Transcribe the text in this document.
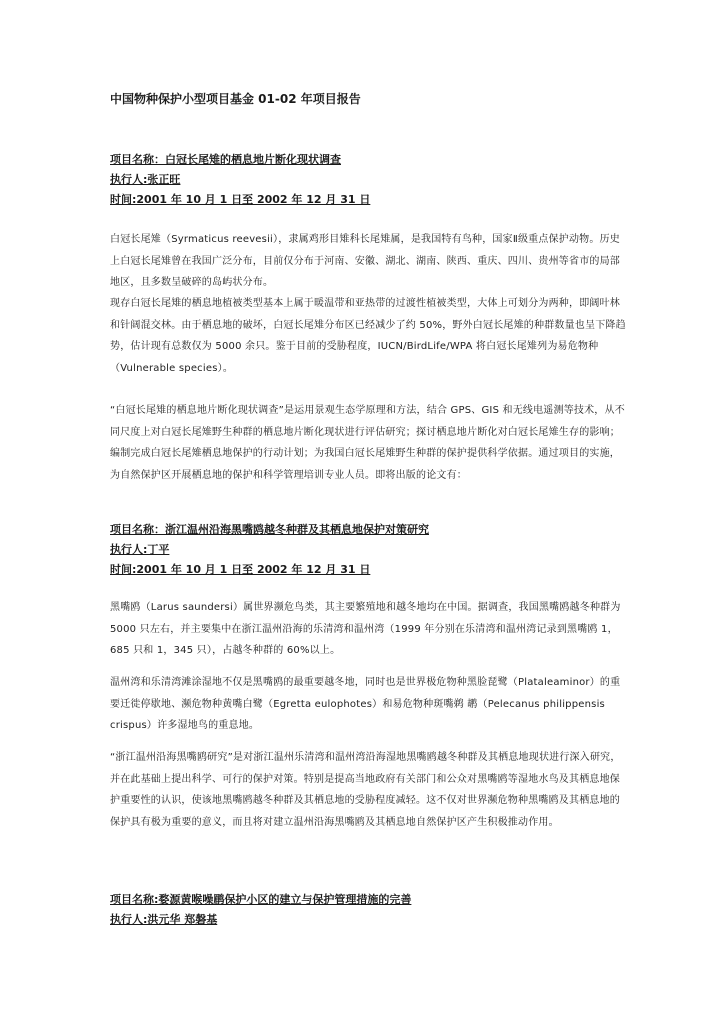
中国物种保护小型项目基金 01-02 年项目报告
项目名称：白冠长尾雉的栖息地片断化现状调查
执行人:张正旺
时间:2001 年 10 月 1 日至 2002 年 12 月 31 日

白冠长尾雉（Syrmaticus reevesii），隶属鸡形目雉科长尾雉属，是我国特有鸟种，国家Ⅱ级重点保护动物。历史上白冠长尾雉曾在我国广泛分布，目前仅分布于河南、安徽、湖北、湖南、陕西、重庆、四川、贵州等省市的局部地区，且多数呈破碎的岛屿状分布。

现存白冠长尾雉的栖息地植被类型基本上属于暖温带和亚热带的过渡性植被类型，大体上可划分为两种，即阔叶林和针阔混交林。由于栖息地的破坏，白冠长尾雉分布区已经减少了约 50%，野外白冠长尾雉的种群数量也呈下降趋势，估计现有总数仅为 5000 余只。鉴于目前的受胁程度，IUCN/BirdLife/WPA 将白冠长尾雉列为易危物种（Vulnerable species）。

“白冠长尾雉的栖息地片断化现状调查”是运用景观生态学原理和方法，结合 GPS、GIS 和无线电遥测等技术，从不同尺度上对白冠长尾雉野生种群的栖息地片断化现状进行评估研究；探讨栖息地片断化对白冠长尾雉生存的影响；编制完成白冠长尾雉栖息地保护的行动计划；为我国白冠长尾雉野生种群的保护提供科学依据。通过项目的实施，为自然保护区开展栖息地的保护和科学管理培训专业人员。即将出版的论文有：

项目名称：浙江温州沿海黑嘴鸥越冬种群及其栖息地保护对策研究
执行人:丁平
时间:2001 年 10 月 1 日至 2002 年 12 月 31 日

黑嘴鸥（Larus saundersi）属世界濒危鸟类，其主要繁殖地和越冬地均在中国。据调查，我国黑嘴鸥越冬种群为 5000 只左右，并主要集中在浙江温州沿海的乐清湾和温州湾（1999 年分别在乐清湾和温州湾记录到黑嘴鸥 1，685 只和 1，345 只），占越冬种群的 60%以上。

温州湾和乐清湾滩涂湿地不仅是黑嘴鸥的最重要越冬地，同时也是世界极危物种黑脸琵鹭（Plataleaminor）的重要迁徙停歇地、濒危物种黄嘴白鹭（Egretta eulophotes）和易危物种斑嘴鹈 鹕（Pelecanus philippensis crispus）许多湿地鸟的重息地。

“浙江温州沿海黑嘴鸥研究”是对浙江温州乐清湾和温州湾沿海湿地黑嘴鸥越冬种群及其栖息地现状进行深入研究，并在此基础上提出科学、可行的保护对策。特别是提高当地政府有关部门和公众对黑嘴鸥等湿地水鸟及其栖息地保护重要性的认识，使该地黑嘴鸥越冬种群及其栖息地的受胁程度减轻。这不仅对世界濒危物种黑嘴鸥及其栖息地的保护具有极为重要的意义，而且将对建立温州沿海黑嘴鸥及其栖息地自然保护区产生积极推动作用。

项目名称:婺源黄喉噪鹛保护小区的建立与保护管理措施的完善
执行人:洪元华 郑磐基
